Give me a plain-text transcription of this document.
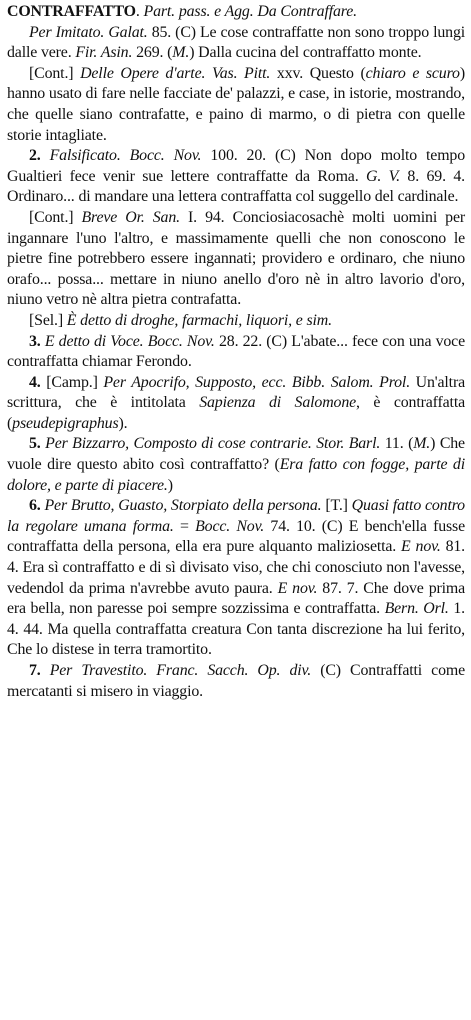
CONTRAFFATTO. Part. pass. e Agg. Da Contraffare.

Per Imitato. Galat. 85. (C) Le cose contraffatte non sono troppo lungi dalle vere. Fir. Asin. 269. (M.) Dalla cucina del contraffatto monte.

[Cont.] Delle Opere d'arte. Vas. Pitt. xxv. Questo (chiaro e scuro) hanno usato di fare nelle facciate de' palazzi, e case, in istorie, mostrando, che quelle siano contrafatte, e paino di marmo, o di pietra con quelle storie intagliate.

2. Falsificato. Bocc. Nov. 100. 20. (C) Non dopo molto tempo Gualtieri fece venir sue lettere contraffatte da Roma. G. V. 8. 69. 4. Ordinaro... di mandare una lettera contraffatta col suggello del cardinale.

[Cont.] Breve Or. San. I. 94. Conciosiacosachè molti uomini per ingannare l'uno l'altro, e massimamente quelli che non conoscono le pietre fine potrebbero essere ingannati; providero e ordinaro, che niuno orafo... possa... mettare in niuno anello d'oro nè in altro lavorio d'oro, niuno vetro nè altra pietra contrafatta.

[Sel.] È detto di droghe, farmachi, liquori, e sim.

3. E detto di Voce. Bocc. Nov. 28. 22. (C) L'abate... fece con una voce contraffatta chiamar Ferondo.

4. [Camp.] Per Apocrifo, Supposto, ecc. Bibb. Salom. Prol. Un'altra scrittura, che è intitolata Sapienza di Salomone, è contraffatta (pseudepigraphus).

5. Per Bizzarro, Composto di cose contrarie. Stor. Barl. 11. (M.) Che vuole dire questo abito così contraffatto? (Era fatto con fogge, parte di dolore, e parte di piacere.)

6. Per Brutto, Guasto, Storpiato della persona. [T.] Quasi fatto contro la regolare umana forma. = Bocc. Nov. 74. 10. (C) E bench'ella fusse contraffatta della persona, ella era pure alquanto maliziosetta. E nov. 81. 4. Era sì contraffatto e di sì divisato viso, che chi conosciuto non l'avesse, vedendol da prima n'avrebbe avuto paura. E nov. 87. 7. Che dove prima era bella, non paresse poi sempre sozzissima e contraffatta. Bern. Orl. 1. 4. 44. Ma quella contraffatta creatura Con tanta discrezione ha lui ferito, Che lo distese in terra tramortito.

7. Per Travestito. Franc. Sacch. Op. div. (C) Contraffatti come mercatanti si misero in viaggio.
